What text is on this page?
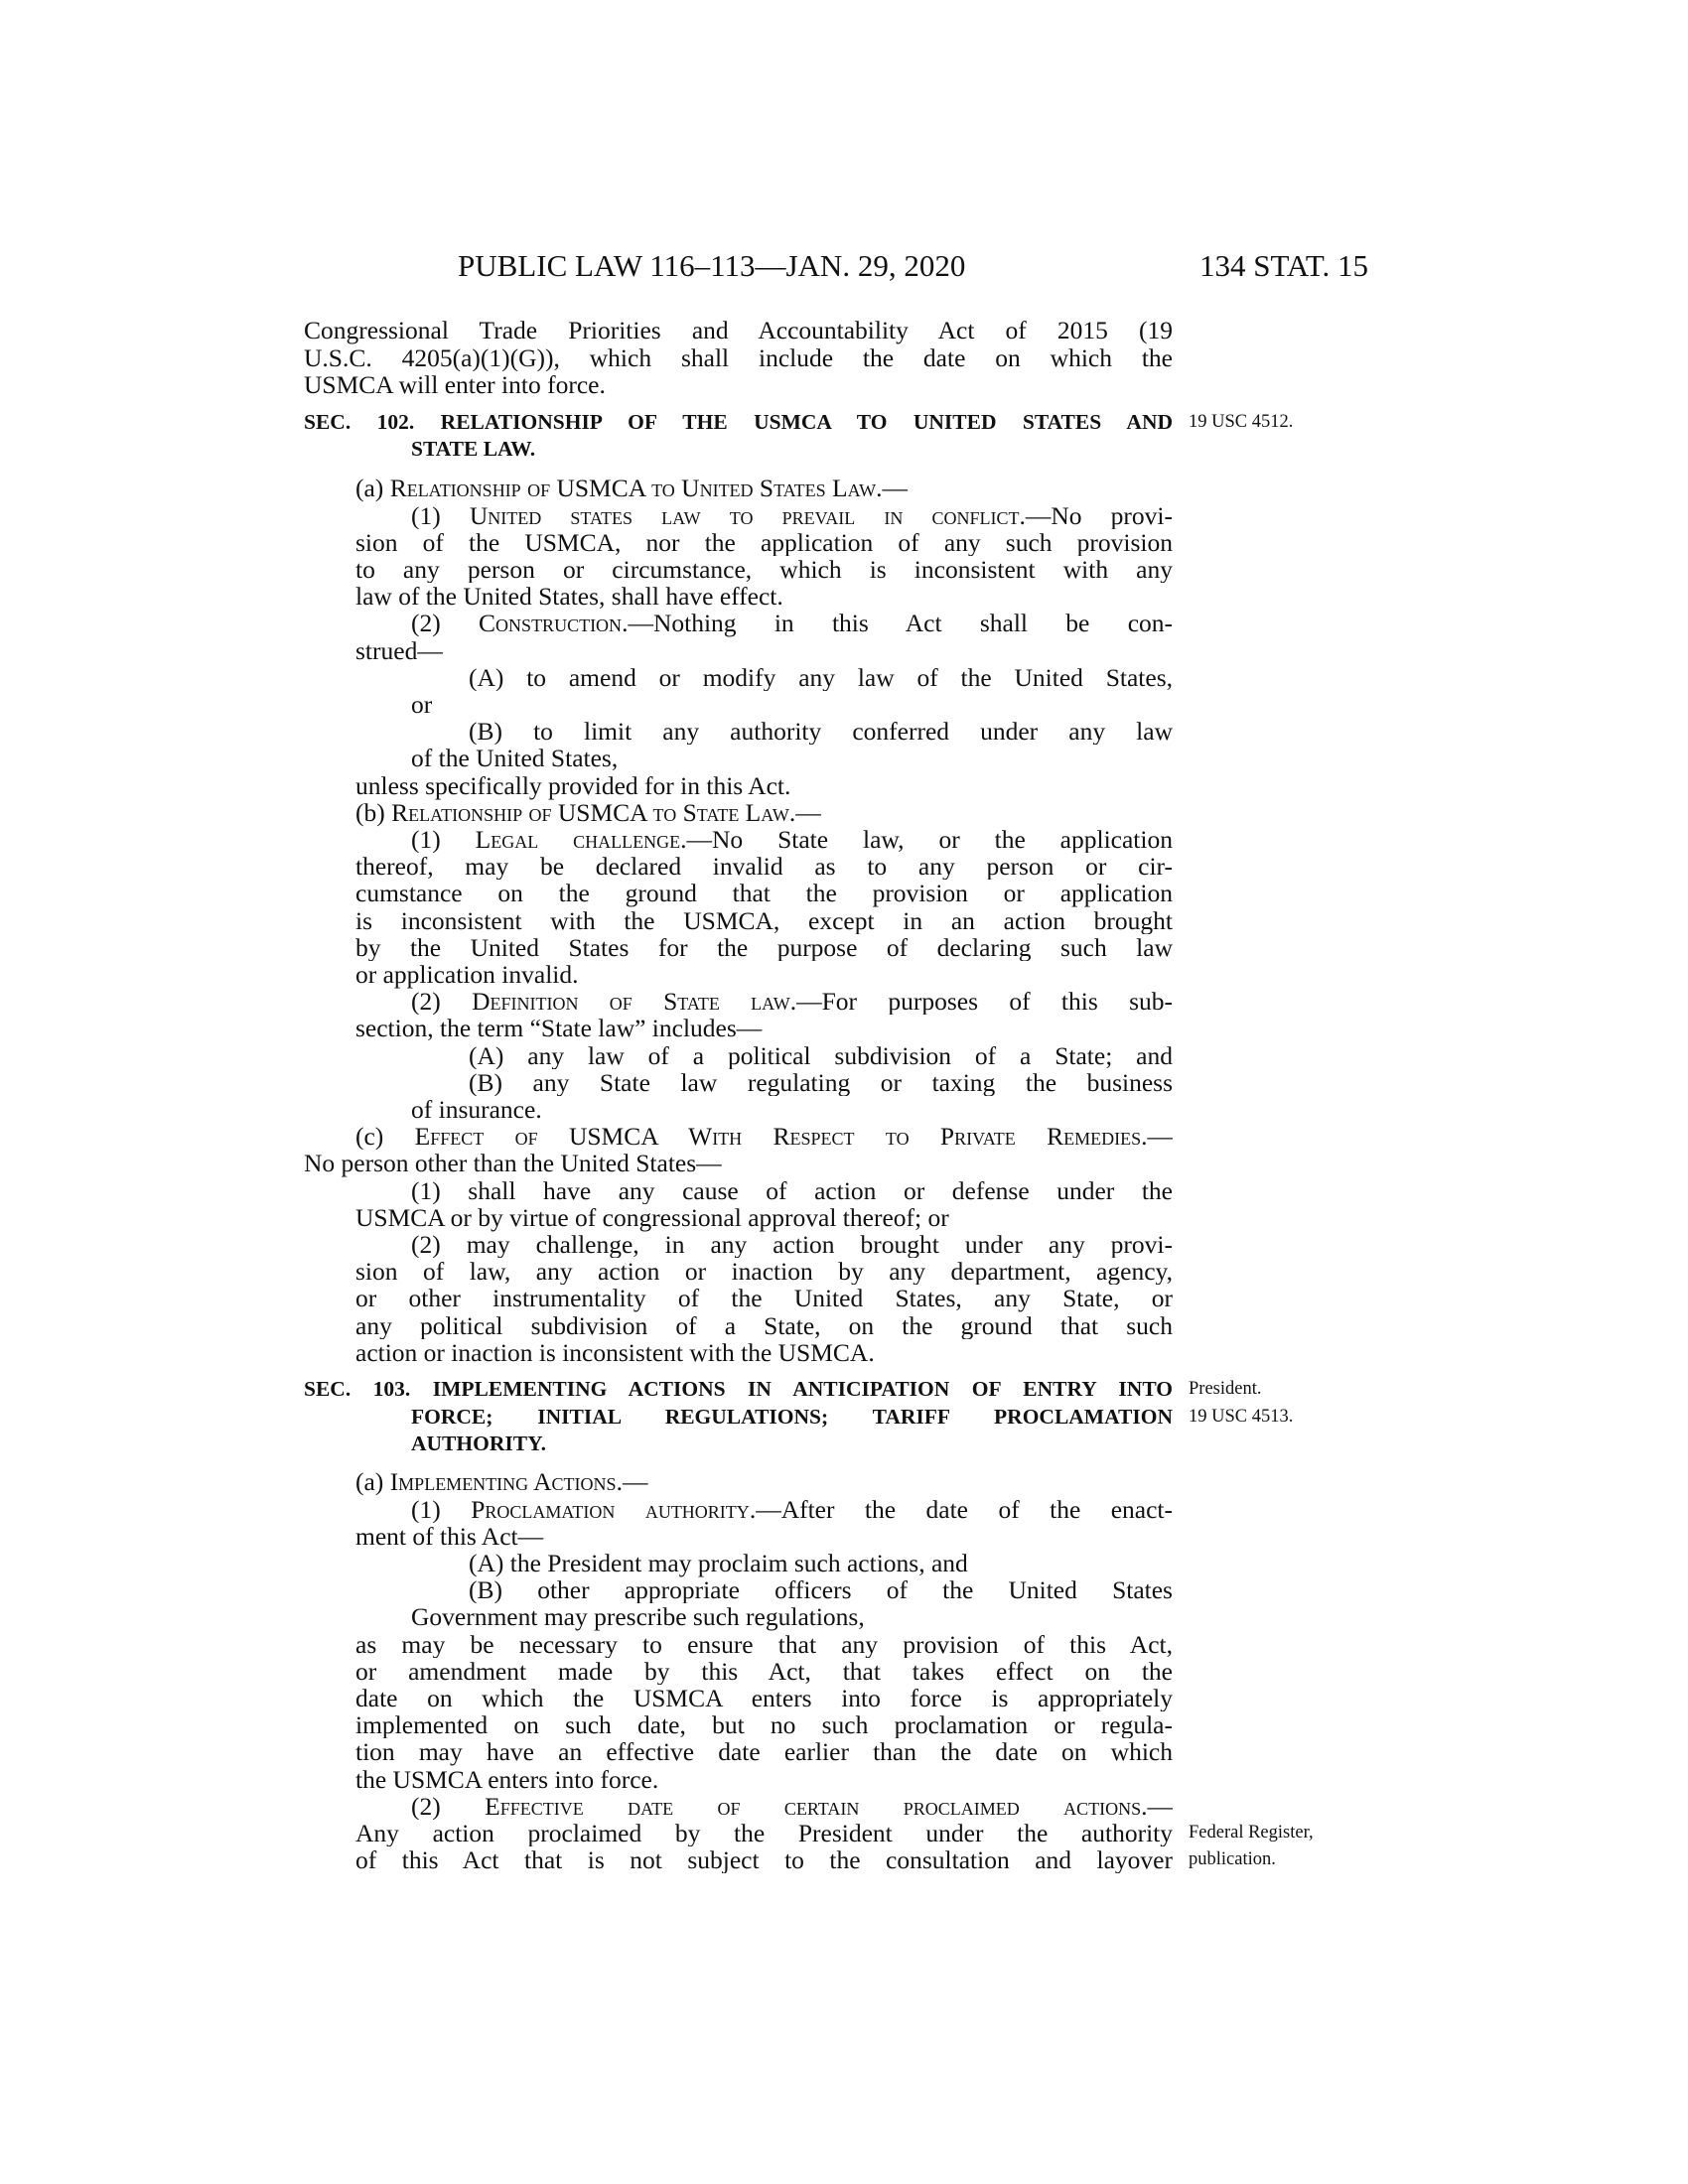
PUBLIC LAW 116–113—JAN. 29, 2020	134 STAT. 15
Congressional Trade Priorities and Accountability Act of 2015 (19
U.S.C. 4205(a)(1)(G)), which shall include the date on which the
USMCA will enter into force.
SEC. 102. RELATIONSHIP OF THE USMCA TO UNITED STATES AND
STATE LAW.
19 USC 4512.
(a) Relationship of USMCA to United States Law.—
(1) United states law to prevail in conflict.—No provi-
sion of the USMCA, nor the application of any such provision
to any person or circumstance, which is inconsistent with any
law of the United States, shall have effect.
(2) Construction.—Nothing in this Act shall be con-
strued—
(A) to amend or modify any law of the United States,
or
(B) to limit any authority conferred under any law
of the United States,
unless specifically provided for in this Act.
(b) Relationship of USMCA to State Law.—
(1) Legal challenge.—No State law, or the application
thereof, may be declared invalid as to any person or cir-
cumstance on the ground that the provision or application
is inconsistent with the USMCA, except in an action brought
by the United States for the purpose of declaring such law
or application invalid.
(2) Definition of State law.—For purposes of this sub-
section, the term “State law” includes—
(A) any law of a political subdivision of a State; and
(B) any State law regulating or taxing the business
of insurance.
(c) Effect of USMCA With Respect to Private Remedies.—
No person other than the United States—
(1) shall have any cause of action or defense under the
USMCA or by virtue of congressional approval thereof; or
(2) may challenge, in any action brought under any provi-
sion of law, any action or inaction by any department, agency,
or other instrumentality of the United States, any State, or
any political subdivision of a State, on the ground that such
action or inaction is inconsistent with the USMCA.
SEC. 103. IMPLEMENTING ACTIONS IN ANTICIPATION OF ENTRY INTO
FORCE; INITIAL REGULATIONS; TARIFF PROCLAMATION
AUTHORITY.
President.
19 USC 4513.
(a) Implementing Actions.—
(1) Proclamation authority.—After the date of the enact-
ment of this Act—
(A) the President may proclaim such actions, and
(B) other appropriate officers of the United States
Government may prescribe such regulations,
as may be necessary to ensure that any provision of this Act,
or amendment made by this Act, that takes effect on the
date on which the USMCA enters into force is appropriately
implemented on such date, but no such proclamation or regula-
tion may have an effective date earlier than the date on which
the USMCA enters into force.
(2) Effective date of certain proclaimed actions.—
Any action proclaimed by the President under the authority
of this Act that is not subject to the consultation and layover
Federal Register,
publication.
